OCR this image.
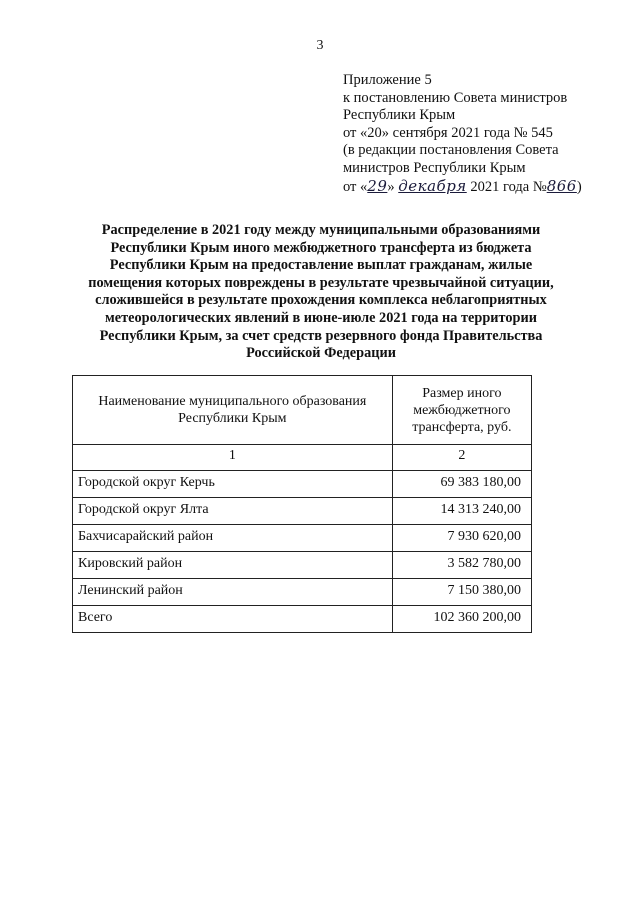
3
Приложение 5
к постановлению Совета министров
Республики Крым
от «20» сентября 2021 года № 545
(в редакции постановления Совета
министров Республики Крым
от «29» декабря 2021 года №866)
Распределение в 2021 году между муниципальными образованиями Республики Крым иного межбюджетного трансферта из бюджета Республики Крым на предоставление выплат гражданам, жилые помещения которых повреждены в результате чрезвычайной ситуации, сложившейся в результате прохождения комплекса неблагоприятных метеорологических явлений в июне-июле 2021 года на территории Республики Крым, за счет средств резервного фонда Правительства Российской Федерации
Наименование муниципального образования Республики Крым	Размер иного межбюджетного трансферта, руб.
1	2
Городской округ Керчь	69 383 180,00
Городской округ Ялта	14 313 240,00
Бахчисарайский район	7 930 620,00
Кировский район	3 582 780,00
Ленинский район	7 150 380,00
Всего	102 360 200,00
